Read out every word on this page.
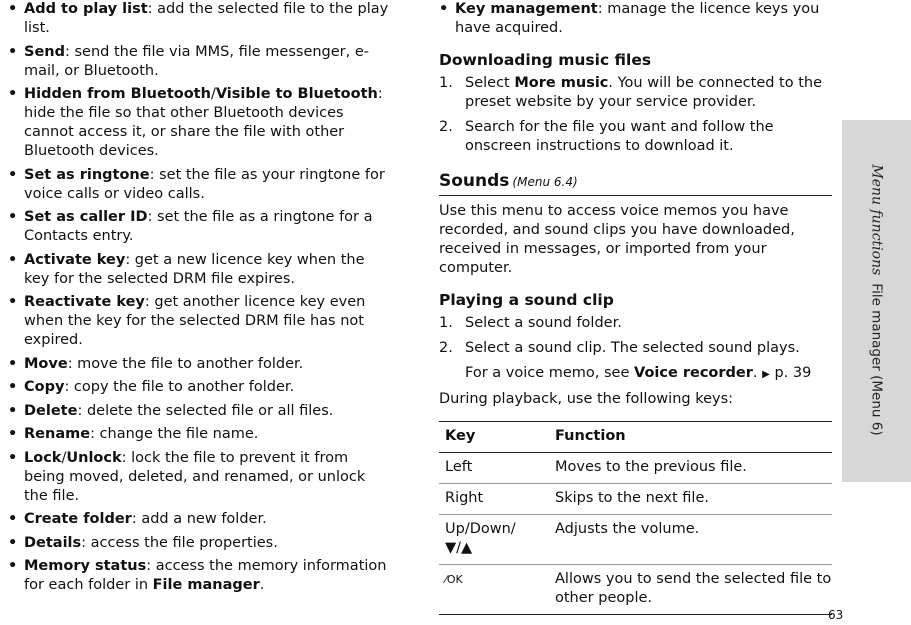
• Add to play list: add the selected file to the play list.
• Send: send the file via MMS, file messenger, e-mail, or Bluetooth.
• Hidden from Bluetooth/Visible to Bluetooth: hide the file so that other Bluetooth devices cannot access it, or share the file with other Bluetooth devices.
• Set as ringtone: set the file as your ringtone for voice calls or video calls.
• Set as caller ID: set the file as a ringtone for a Contacts entry.
• Activate key: get a new licence key when the key for the selected DRM file expires.
• Reactivate key: get another licence key even when the key for the selected DRM file has not expired.
• Move: move the file to another folder.
• Copy: copy the file to another folder.
• Delete: delete the selected file or all files.
• Rename: change the file name.
• Lock/Unlock: lock the file to prevent it from being moved, deleted, and renamed, or unlock the file.
• Create folder: add a new folder.
• Details: access the file properties.
• Memory status: access the memory information for each folder in File manager.
• Key management: manage the licence keys you have acquired.
Downloading music files
1. Select More music. You will be connected to the preset website by your service provider.
2. Search for the file you want and follow the onscreen instructions to download it.
Sounds (Menu 6.4)

Use this menu to access voice memos you have recorded, and sound clips you have downloaded, received in messages, or imported from your computer.

Playing a sound clip
1. Select a sound folder.
2. Select a sound clip. The selected sound plays.
For a voice memo, see Voice recorder. ▶ p. 39

During playback, use the following keys:

Key	Function
Left	Moves to the previous file.
Right	Skips to the next file.
Up/Down/
▼/▲	Adjusts the volume.
⁄OK	Allows you to send the selected file to other people.
Menu functionsFile manager (Menu 6)
63
